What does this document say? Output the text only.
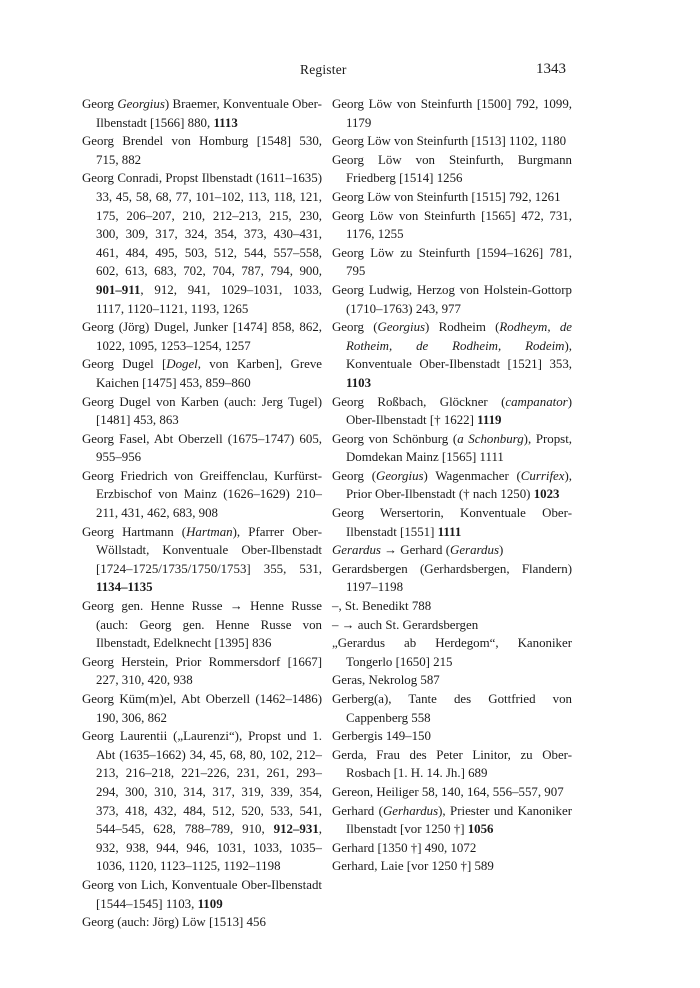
Register	1343

Georg Georgius) Braemer, Konventuale Ober-Ilbenstadt [1566] 880, 1113

Georg Brendel von Homburg [1548] 530, 715, 882

Georg Conradi, Propst Ilbenstadt (1611–1635) 33, 45, 58, 68, 77, 101–102, 113, 118, 121, 175, 206–207, 210, 212–213, 215, 230, 300, 309, 317, 324, 354, 373, 430–431, 461, 484, 495, 503, 512, 544, 557–558, 602, 613, 683, 702, 704, 787, 794, 900, 901–911, 912, 941, 1029–1031, 1033, 1117, 1120–1121, 1193, 1265

Georg (Jörg) Dugel, Junker [1474] 858, 862, 1022, 1095, 1253–1254, 1257

Georg Dugel [Dogel, von Karben], Greve Kaichen [1475] 453, 859–860

Georg Dugel von Karben (auch: Jerg Tugel) [1481] 453, 863

Georg Fasel, Abt Oberzell (1675–1747) 605, 955–956

Georg Friedrich von Greiffenclau, Kurfürst-Erzbischof von Mainz (1626–1629) 210–211, 431, 462, 683, 908

Georg Hartmann (Hartman), Pfarrer Ober-Wöllstadt, Konventuale Ober-Ilbenstadt [1724–1725/1735/1750/1753] 355, 531, 1134–1135

Georg gen. Henne Russe → Henne Russe (auch: Georg gen. Henne Russe von Ilbenstadt, Edelknecht [1395] 836

Georg Herstein, Prior Rommersdorf [1667] 227, 310, 420, 938

Georg Küm(m)el, Abt Oberzell (1462–1486) 190, 306, 862

Georg Laurentii („Laurenzi“), Propst und 1. Abt (1635–1662) 34, 45, 68, 80, 102, 212–213, 216–218, 221–226, 231, 261, 293–294, 300, 310, 314, 317, 319, 339, 354, 373, 418, 432, 484, 512, 520, 533, 541, 544–545, 628, 788–789, 910, 912–931, 932, 938, 944, 946, 1031, 1033, 1035–1036, 1120, 1123–1125, 1192–1198

Georg von Lich, Konventuale Ober-Ilbenstadt [1544–1545] 1103, 1109

Georg (auch: Jörg) Löw [1513] 456

Georg Löw von Steinfurth [1500] 792, 1099, 1179

Georg Löw von Steinfurth [1513] 1102, 1180

Georg Löw von Steinfurth, Burgmann Friedberg [1514] 1256

Georg Löw von Steinfurth [1515] 792, 1261

Georg Löw von Steinfurth [1565] 472, 731, 1176, 1255

Georg Löw zu Steinfurth [1594–1626] 781, 795

Georg Ludwig, Herzog von Holstein-Gottorp (1710–1763) 243, 977

Georg (Georgius) Rodheim (Rodheym, de Rotheim, de Rodheim, Rodeim), Konventuale Ober-Ilbenstadt [1521] 353, 1103

Georg Roßbach, Glöckner (campanator) Ober-Ilbenstadt [† 1622] 1119

Georg von Schönburg (a Schonburg), Propst, Domdekan Mainz [1565] 1111

Georg (Georgius) Wagenmacher (Currifex), Prior Ober-Ilbenstadt († nach 1250) 1023

Georg Wersertorin, Konventuale Ober-Ilbenstadt [1551] 1111

Gerardus → Gerhard (Gerardus)

Gerardsbergen (Gerhardsbergen, Flandern) 1197–1198

–, St. Benedikt 788

– → auch St. Gerardsbergen

„Gerardus ab Herdegom“, Kanoniker Tongerlo [1650] 215

Geras, Nekrolog 587

Gerberg(a), Tante des Gottfried von Cappenberg 558

Gerbergis 149–150

Gerda, Frau des Peter Linitor, zu Ober-Rosbach [1. H. 14. Jh.] 689

Gereon, Heiliger 58, 140, 164, 556–557, 907

Gerhard (Gerhardus), Priester und Kanoniker Ilbenstadt [vor 1250 †] 1056

Gerhard [1350 †] 490, 1072

Gerhard, Laie [vor 1250 †] 589
